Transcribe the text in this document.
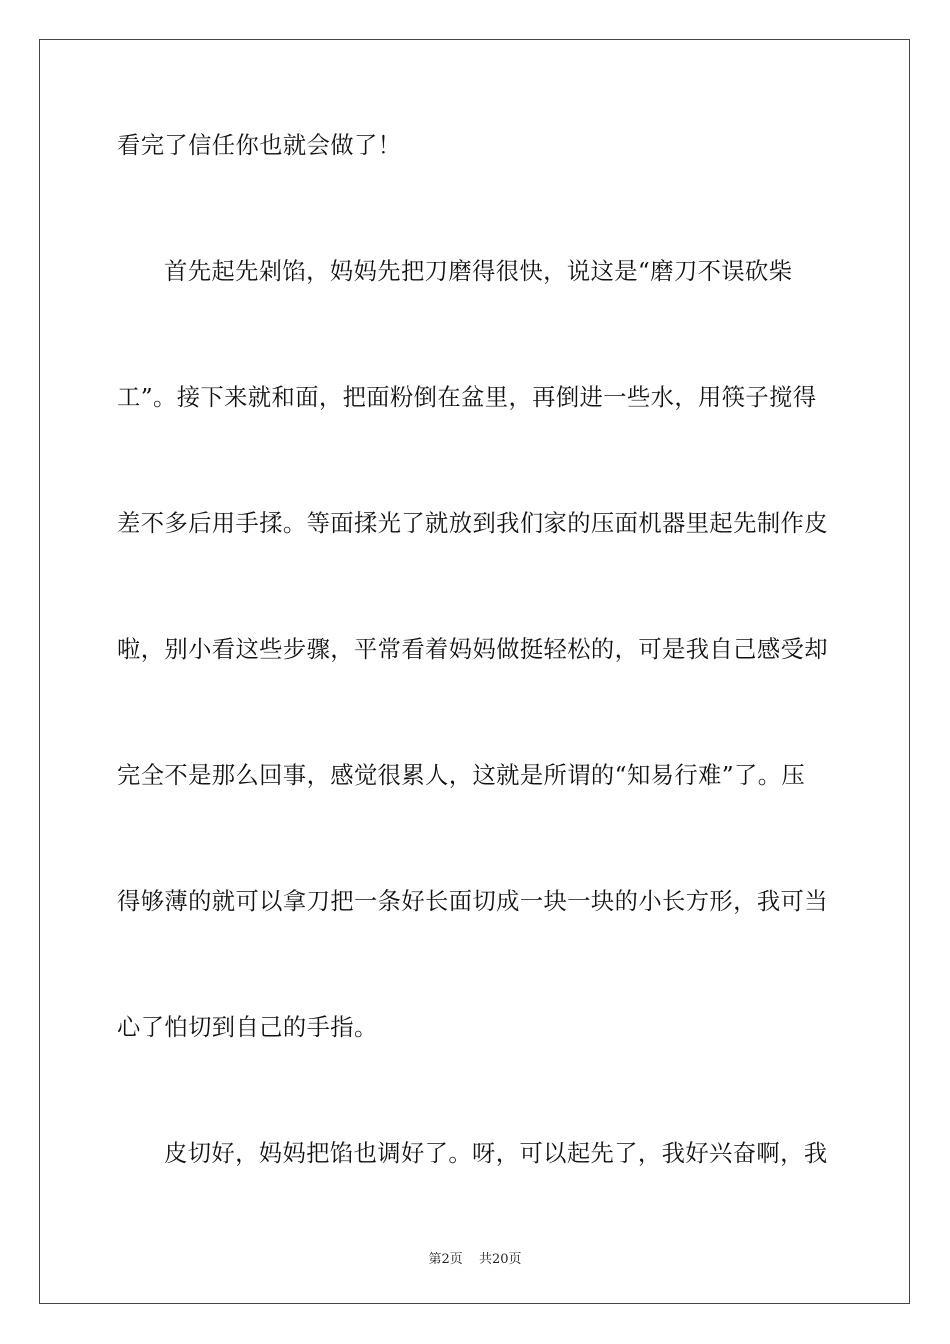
看完了信任你也就会做了！
首先起先剁馅，妈妈先把刀磨得很快，说这是“磨刀不误砍柴
工”。接下来就和面，把面粉倒在盆里，再倒进一些水，用筷子搅得
差不多后用手揉。等面揉光了就放到我们家的压面机器里起先制作皮
啦，别小看这些步骤，平常看着妈妈做挺轻松的，可是我自己感受却
完全不是那么回事，感觉很累人，这就是所谓的“知易行难”了。压
得够薄的就可以拿刀把一条好长面切成一块一块的小长方形，我可当
心了怕切到自己的手指。
皮切好，妈妈把馅也调好了。呀，可以起先了，我好兴奋啊，我
第2页 共20页
